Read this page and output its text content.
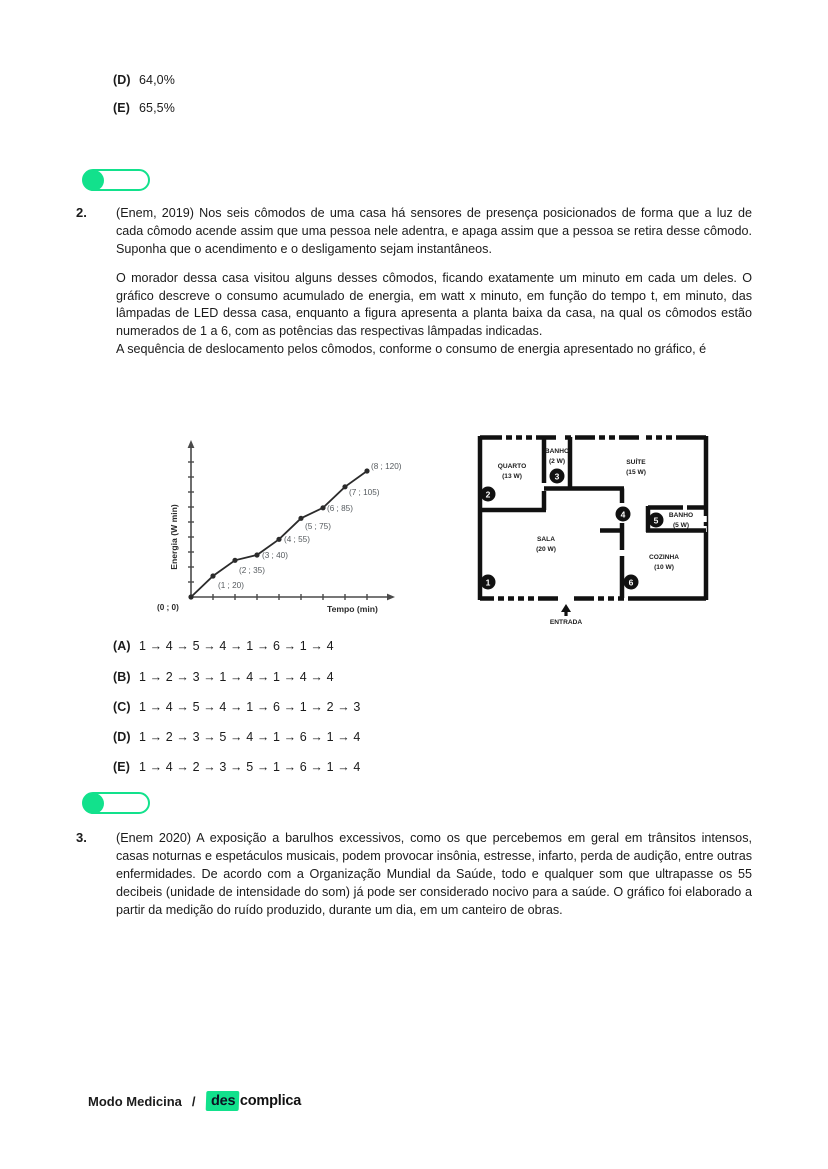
(D) 64,0%
(E) 65,5%
2. (Enem, 2019) Nos seis cômodos de uma casa há sensores de presença posicionados de forma que a luz de cada cômodo acende assim que uma pessoa nele adentra, e apaga assim que a pessoa se retira desse cômodo. Suponha que o acendimento e o desligamento sejam instantâneos.

O morador dessa casa visitou alguns desses cômodos, ficando exatamente um minuto em cada um deles. O gráfico descreve o consumo acumulado de energia, em watt x minuto, em função do tempo t, em minuto, das lâmpadas de LED dessa casa, enquanto a figura apresenta a planta baixa da casa, na qual os cômodos estão numerados de 1 a 6, com as potências das respectivas lâmpadas indicadas.

A sequência de deslocamento pelos cômodos, conforme o consumo de energia apresentado no gráfico, é

(0 ; 0)
(1 ; 20)
(2 ; 35)
(3 ; 40)
(4 ; 55)
(5 ; 75)
(6 ; 85)
(7 ; 105)
(8 ; 120)
Energia (W min)
Tempo (min)
1
2
3
4
5
6
QUARTO
(13 W)
BANHO
(2 W)	SUÍTE
(15 W)
BANHO
(5 W)
SALA
(20 W)
COZINHA
(10 W)
ENTRADA
(A) 1 → 4 → 5 → 4 → 1 → 6 → 1 → 4
(B) 1 → 2 → 3 → 1 → 4 → 1 → 4 → 4
(C) 1 → 4 → 5 → 4 → 1 → 6 → 1 → 2 → 3
(D) 1 → 2 → 3 → 5 → 4 → 1 → 6 → 1 → 4
(E) 1 → 4 → 2 → 3 → 5 → 1 → 6 → 1 → 4
3. (Enem 2020) A exposição a barulhos excessivos, como os que percebemos em geral em trânsitos intensos, casas noturnas e espetáculos musicais, podem provocar insônia, estresse, infarto, perda de audição, entre outras enfermidades. De acordo com a Organização Mundial da Saúde, todo e qualquer som que ultrapasse os 55 decibeis (unidade de intensidade do som) já pode ser considerado nocivo para a saúde. O gráfico foi elaborado a partir da medição do ruído produzido, durante um dia, em um canteiro de obras.

Modo Medicina /	des complica
